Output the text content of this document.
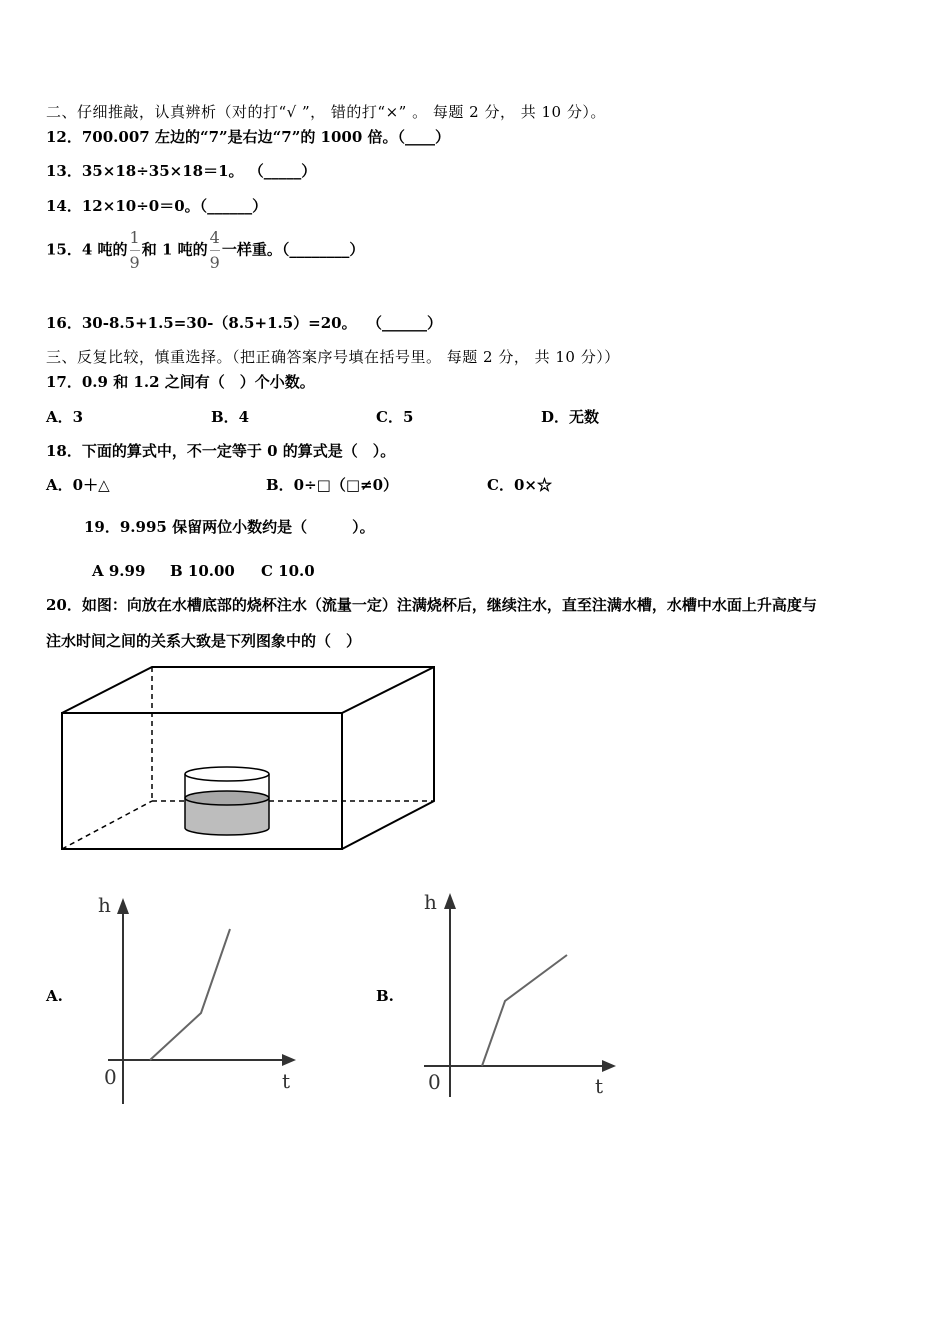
二、仔细推敲，认真辨析（对的打“√ ”， 错的打“×” 。 每题 2 分， 共 10 分）。
12．700.007 左边的“7”是右边“7”的 1000 倍。（____）
13．35×18÷35×18＝1。 （_____）
14．12×10÷0＝0。（______）
15．4 吨的 $\frac{1}{9}$ 和 1 吨的 $\frac{4}{9}$ 一样重。（________）
16．30-8.5+1.5=30-（8.5+1.5）=20。 （______）
三、反复比较，慎重选择。（把正确答案序号填在括号里。 每题 2 分， 共 10 分））
17．0.9 和 1.2 之间有（　）个小数。
A．3	B．4	C．5	D．无数
18．下面的算式中，不一定等于 0 的算式是（　）。
A．0＋△	B．0÷□（□≠0）	C．0×☆
19．9.995 保留两位小数约是（　　　）。
A 9.99 B 10.00 C 10.0
20．如图：向放在水槽底部的烧杯注水（流量一定）注满烧杯后，继续注水，直至注满水槽，水槽中水面上升高度与
注水时间之间的关系大致是下列图象中的（　）
A.
h
t
0
B.
h
t
0
